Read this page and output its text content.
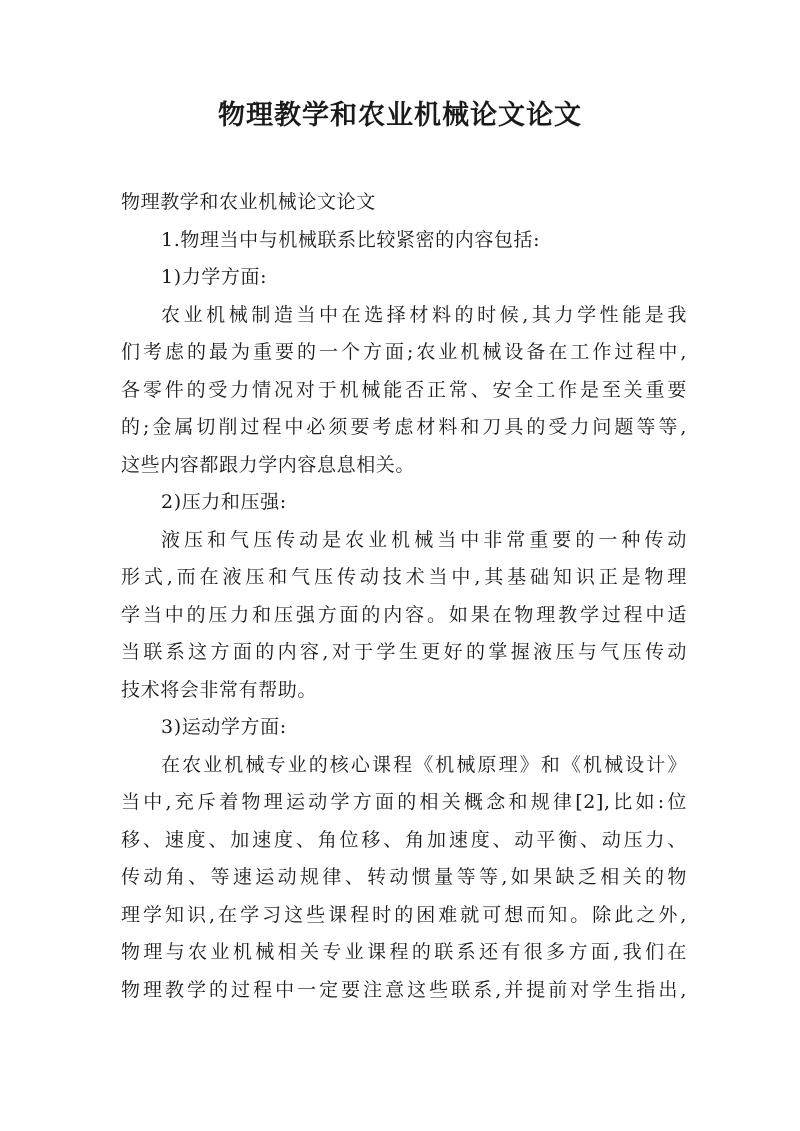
物理教学和农业机械论文论文
物理教学和农业机械论文论文
1.物理当中与机械联系比较紧密的内容包括:
1)力学方面:
农业机械制造当中在选择材料的时候,其力学性能是我
们考虑的最为重要的一个方面;农业机械设备在工作过程中,
各零件的受力情况对于机械能否正常、安全工作是至关重要
的;金属切削过程中必须要考虑材料和刀具的受力问题等等,
这些内容都跟力学内容息息相关。
2)压力和压强:
液压和气压传动是农业机械当中非常重要的一种传动
形式,而在液压和气压传动技术当中,其基础知识正是物理
学当中的压力和压强方面的内容。如果在物理教学过程中适
当联系这方面的内容,对于学生更好的掌握液压与气压传动
技术将会非常有帮助。
3)运动学方面:
在农业机械专业的核心课程《机械原理》和《机械设计》
当中,充斥着物理运动学方面的相关概念和规律[2],比如:位
移、速度、加速度、角位移、角加速度、动平衡、动压力、
传动角、等速运动规律、转动惯量等等,如果缺乏相关的物
理学知识,在学习这些课程时的困难就可想而知。除此之外,
物理与农业机械相关专业课程的联系还有很多方面,我们在
物理教学的过程中一定要注意这些联系,并提前对学生指出,
